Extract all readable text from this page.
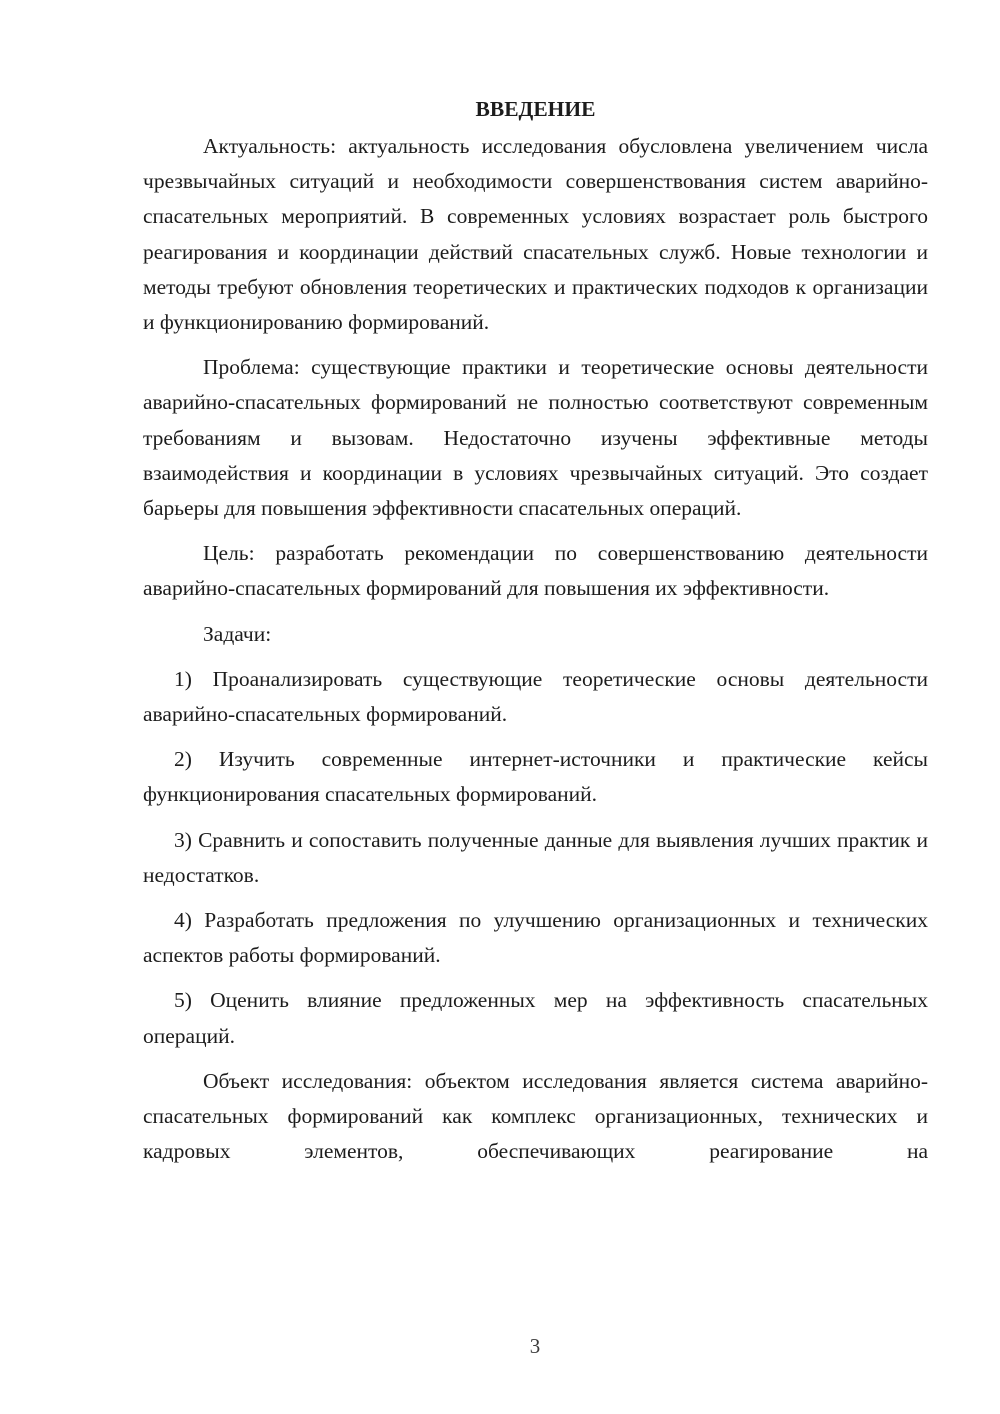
ВВЕДЕНИЕ

Актуальность: актуальность исследования обусловлена увеличением числа чрезвычайных ситуаций и необходимости совершенствования систем аварийно-спасательных мероприятий. В современных условиях возрастает роль быстрого реагирования и координации действий спасательных служб. Новые технологии и методы требуют обновления теоретических и практических подходов к организации и функционированию формирований.

Проблема: существующие практики и теоретические основы деятельности аварийно-спасательных формирований не полностью соответствуют современным требованиям и вызовам. Недостаточно изучены эффективные методы взаимодействия и координации в условиях чрезвычайных ситуаций. Это создает барьеры для повышения эффективности спасательных операций.

Цель: разработать рекомендации по совершенствованию деятельности аварийно-спасательных формирований для повышения их эффективности.

Задачи:

1) Проанализировать существующие теоретические основы деятельности аварийно-спасательных формирований.

2) Изучить современные интернет-источники и практические кейсы функционирования спасательных формирований.

3) Сравнить и сопоставить полученные данные для выявления лучших практик и недостатков.

4) Разработать предложения по улучшению организационных и технических аспектов работы формирований.

5) Оценить влияние предложенных мер на эффективность спасательных операций.

Объект исследования: объектом исследования является система аварийно-спасательных формирований как комплекс организационных, технических и кадровых элементов, обеспечивающих реагирование на

3
